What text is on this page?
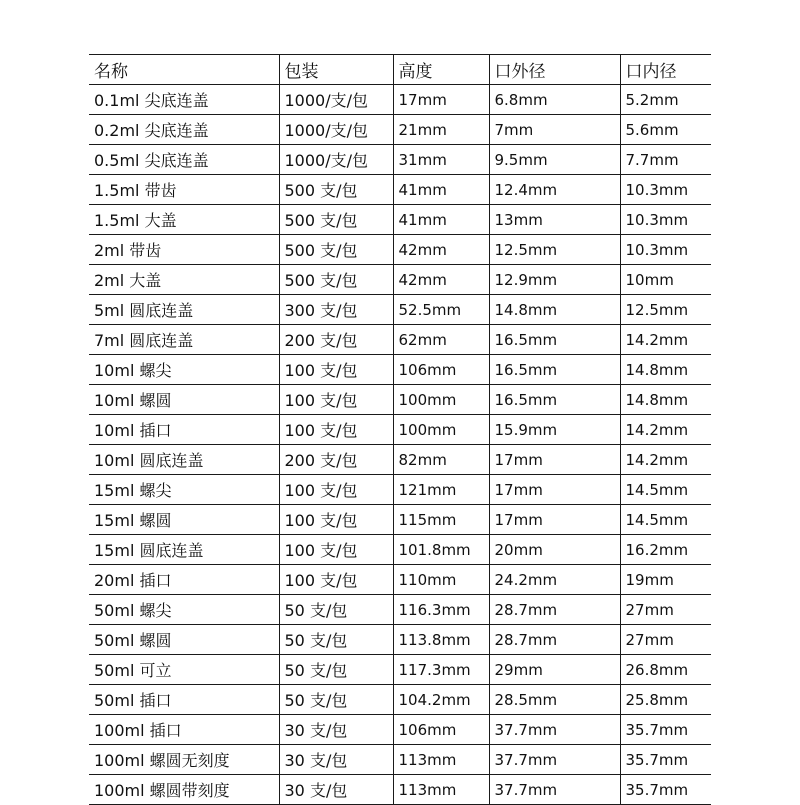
名称	包装	高度	口外径	口内径
0.1ml 尖底连盖	1000/支/包	17mm	6.8mm	5.2mm
0.2ml 尖底连盖	1000/支/包	21mm	7mm	5.6mm
0.5ml 尖底连盖	1000/支/包	31mm	9.5mm	7.7mm
1.5ml 带齿	500 支/包	41mm	12.4mm	10.3mm
1.5ml 大盖	500 支/包	41mm	13mm	10.3mm
2ml 带齿	500 支/包	42mm	12.5mm	10.3mm
2ml 大盖	500 支/包	42mm	12.9mm	10mm
5ml 圆底连盖	300 支/包	52.5mm	14.8mm	12.5mm
7ml 圆底连盖	200 支/包	62mm	16.5mm	14.2mm
10ml 螺尖	100 支/包	106mm	16.5mm	14.8mm
10ml 螺圆	100 支/包	100mm	16.5mm	14.8mm
10ml 插口	100 支/包	100mm	15.9mm	14.2mm
10ml 圆底连盖	200 支/包	82mm	17mm	14.2mm
15ml 螺尖	100 支/包	121mm	17mm	14.5mm
15ml 螺圆	100 支/包	115mm	17mm	14.5mm
15ml 圆底连盖	100 支/包	101.8mm	20mm	16.2mm
20ml 插口	100 支/包	110mm	24.2mm	19mm
50ml 螺尖	50 支/包	116.3mm	28.7mm	27mm
50ml 螺圆	50 支/包	113.8mm	28.7mm	27mm
50ml 可立	50 支/包	117.3mm	29mm	26.8mm
50ml 插口	50 支/包	104.2mm	28.5mm	25.8mm
100ml 插口	30 支/包	106mm	37.7mm	35.7mm
100ml 螺圆无刻度	30 支/包	113mm	37.7mm	35.7mm
100ml 螺圆带刻度	30 支/包	113mm	37.7mm	35.7mm
